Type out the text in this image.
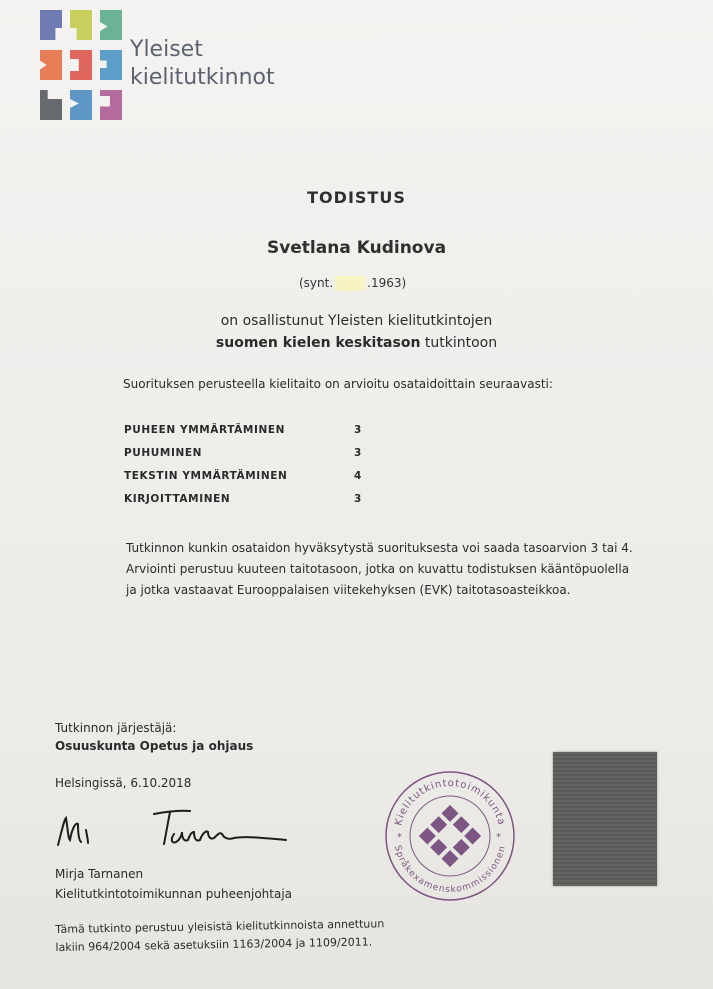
Yleiset
kielitutkinnot
TODISTUS
Svetlana Kudinova
(synt.	.1963)
on osallistunut Yleisten kielitutkintojen
suomen kielen keskitason tutkintoon
Suorituksen perusteella kielitaito on arvioitu osataidoittain seuraavasti:
PUHEEN YMMÄRTÄMINEN	3
PUHUMINEN	3
TEKSTIN YMMÄRTÄMINEN	4
KIRJOITTAMINEN	3
Tutkinnon kunkin osataidon hyväksytystä suorituksesta voi saada tasoarvion 3 tai 4.
Arviointi perustuu kuuteen taitotasoon, jotka on kuvattu todistuksen kääntöpuolella
ja jotka vastaavat Eurooppalaisen viitekehyksen (EVK) taitotasoasteikkoa.
Tutkinnon järjestäjä:
Osuuskunta Opetus ja ohjaus
Helsingissä, 6.10.2018
Mirja Tarnanen
Kielitutkintotoimikunnan puheenjohtaja
Tämä tutkinto perustuu yleisistä kielitutkinnoista annettuun
lakiin 964/2004 sekä asetuksiin 1163/2004 ja 1109/2011.
Kielitutkintotoimikunta
Språkexamenskommissionen
*	*
